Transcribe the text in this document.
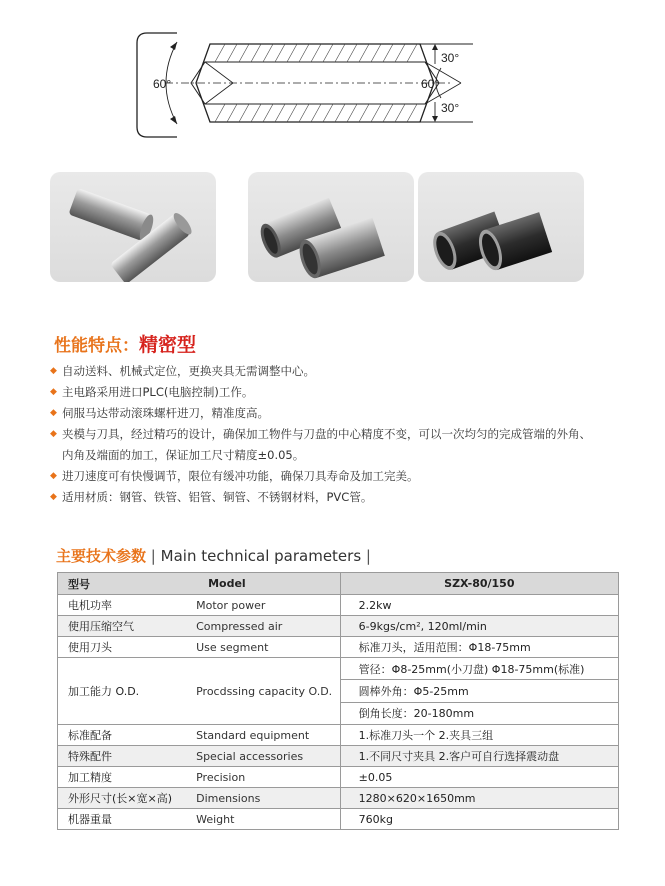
60°	60°
30°
30°
性能特点：精密型
◆ 自动送料、机械式定位，更换夹具无需调整中心。
◆ 主电路采用进口PLC(电脑控制)工作。
◆ 伺服马达带动滚珠螺杆进刀，精准度高。
◆ 夹模与刀具，经过精巧的设计，确保加工物件与刀盘的中心精度不变，可以一次均匀的完成管端的外角、
内角及端面的加工，保证加工尺寸精度±0.05。
◆ 进刀速度可有快慢调节，限位有缓冲功能，确保刀具寿命及加工完美。
◆ 适用材质：钢管、铁管、铝管、铜管、不锈钢材料，PVC管。
主要技术参数 | Main technical parameters |
型号	Model	SZX-80/150
电机功率	Motor power	2.2kw
使用压缩空气	Compressed air	6-9kgs/cm², 120ml/min
使用刀头	Use segment	标准刀头，适用范围：Φ18-75mm
加工能力 O.D.	Procdssing capacity O.D.	管径：Φ8-25mm(小刀盘) Φ18-75mm(标准)
		圆棒外角：Φ5-25mm
		倒角长度：20-180mm
标准配备	Standard equipment	1.标准刀头一个 2.夹具三组
特殊配件	Special accessories	1.不同尺寸夹具 2.客户可自行选择震动盘
加工精度	Precision	±0.05
外形尺寸(长×宽×高)	Dimensions	1280×620×1650mm
机器重量	Weight	760kg
